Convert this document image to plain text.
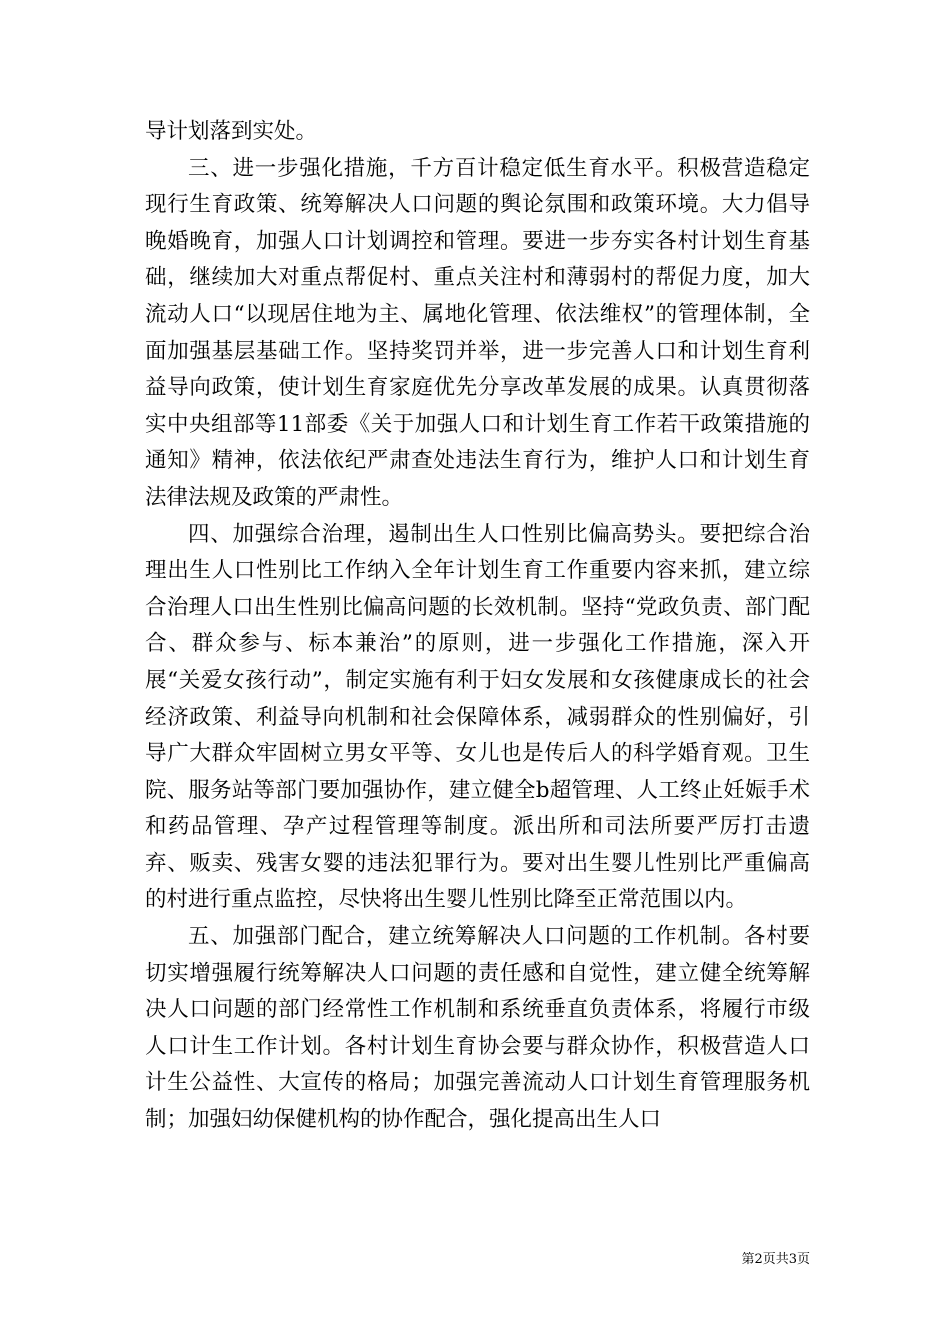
导计划落到实处。

三、进一步强化措施，千方百计稳定低生育水平。积极营造稳定现行生育政策、统筹解决人口问题的舆论氛围和政策环境。大力倡导晚婚晚育，加强人口计划调控和管理。要进一步夯实各村计划生育基础，继续加大对重点帮促村、重点关注村和薄弱村的帮促力度，加大流动人口“以现居住地为主、属地化管理、依法维权”的管理体制，全面加强基层基础工作。坚持奖罚并举，进一步完善人口和计划生育利益导向政策，使计划生育家庭优先分享改革发展的成果。认真贯彻落实中央组部等11部委《关于加强人口和计划生育工作若干政策措施的通知》精神，依法依纪严肃查处违法生育行为，维护人口和计划生育法律法规及政策的严肃性。

四、加强综合治理，遏制出生人口性别比偏高势头。要把综合治理出生人口性别比工作纳入全年计划生育工作重要内容来抓，建立综合治理人口出生性别比偏高问题的长效机制。坚持“党政负责、部门配合、群众参与、标本兼治”的原则，进一步强化工作措施，深入开展“关爱女孩行动”，制定实施有利于妇女发展和女孩健康成长的社会经济政策、利益导向机制和社会保障体系，减弱群众的性别偏好，引导广大群众牢固树立男女平等、女儿也是传后人的科学婚育观。卫生院、服务站等部门要加强协作，建立健全b超管理、人工终止妊娠手术和药品管理、孕产过程管理等制度。派出所和司法所要严厉打击遗弃、贩卖、残害女婴的违法犯罪行为。要对出生婴儿性别比严重偏高的村进行重点监控，尽快将出生婴儿性别比降至正常范围以内。

五、加强部门配合，建立统筹解决人口问题的工作机制。各村要切实增强履行统筹解决人口问题的责任感和自觉性，建立健全统筹解决人口问题的部门经常性工作机制和系统垂直负责体系，将履行市级人口计生工作计划。各村计划生育协会要与群众协作，积极营造人口计生公益性、大宣传的格局；加强完善流动人口计划生育管理服务机制；加强妇幼保健机构的协作配合，强化提高出生人口

第2页共3页
